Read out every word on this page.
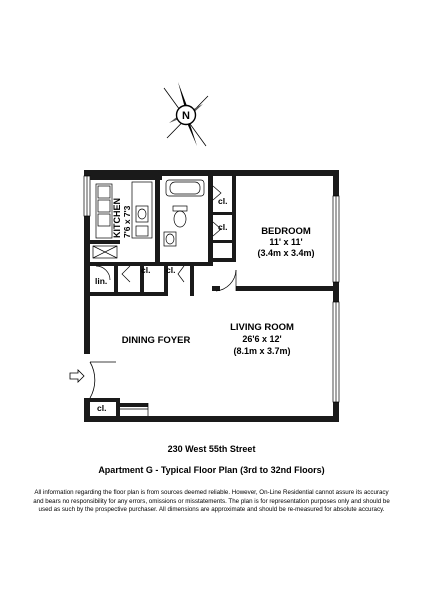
N
KITCHEN 7'6 x 7'3	BEDROOM
11' x 11'
(3.4m x 3.4m)
LIVING ROOM
26'6 x 12'
(8.1m x 3.7m)
DINING FOYER
cl.
cl.
cl. cl.
lin.
cl.
230 West 55th Street
Apartment G - Typical Floor Plan (3rd to 32nd Floors)
All information regarding the floor plan is from sources deemed reliable. However, On-Line Residential cannot assure its accuracy
and bears no responsibility for any errors, omissions or misstatements. The plan is for representation purposes only and should be
used as such by the prospective purchaser. All dimensions are approximate and should be re-measured for absolute accuracy.
